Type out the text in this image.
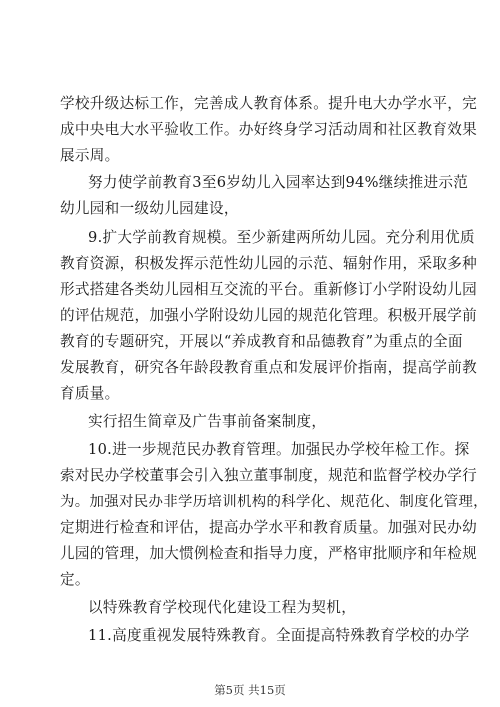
学校升级达标工作，完善成人教育体系。提升电大办学水平，完
成中央电大水平验收工作。办好终身学习活动周和社区教育效果
展示周。
努力使学前教育3至6岁幼儿入园率达到94%继续推进示范
幼儿园和一级幼儿园建设，
9.扩大学前教育规模。至少新建两所幼儿园。充分利用优质
教育资源，积极发挥示范性幼儿园的示范、辐射作用，采取多种
形式搭建各类幼儿园相互交流的平台。重新修订小学附设幼儿园
的评估规范，加强小学附设幼儿园的规范化管理。积极开展学前
教育的专题研究，开展以“养成教育和品德教育”为重点的全面
发展教育，研究各年龄段教育重点和发展评价指南，提高学前教
育质量。
实行招生简章及广告事前备案制度，
10.进一步规范民办教育管理。加强民办学校年检工作。探
索对民办学校董事会引入独立董事制度，规范和监督学校办学行
为。加强对民办非学历培训机构的科学化、规范化、制度化管理，
定期进行检查和评估，提高办学水平和教育质量。加强对民办幼
儿园的管理，加大惯例检查和指导力度，严格审批顺序和年检规
定。
以特殊教育学校现代化建设工程为契机，
11.高度重视发展特殊教育。全面提高特殊教育学校的办学
第5页 共15页
